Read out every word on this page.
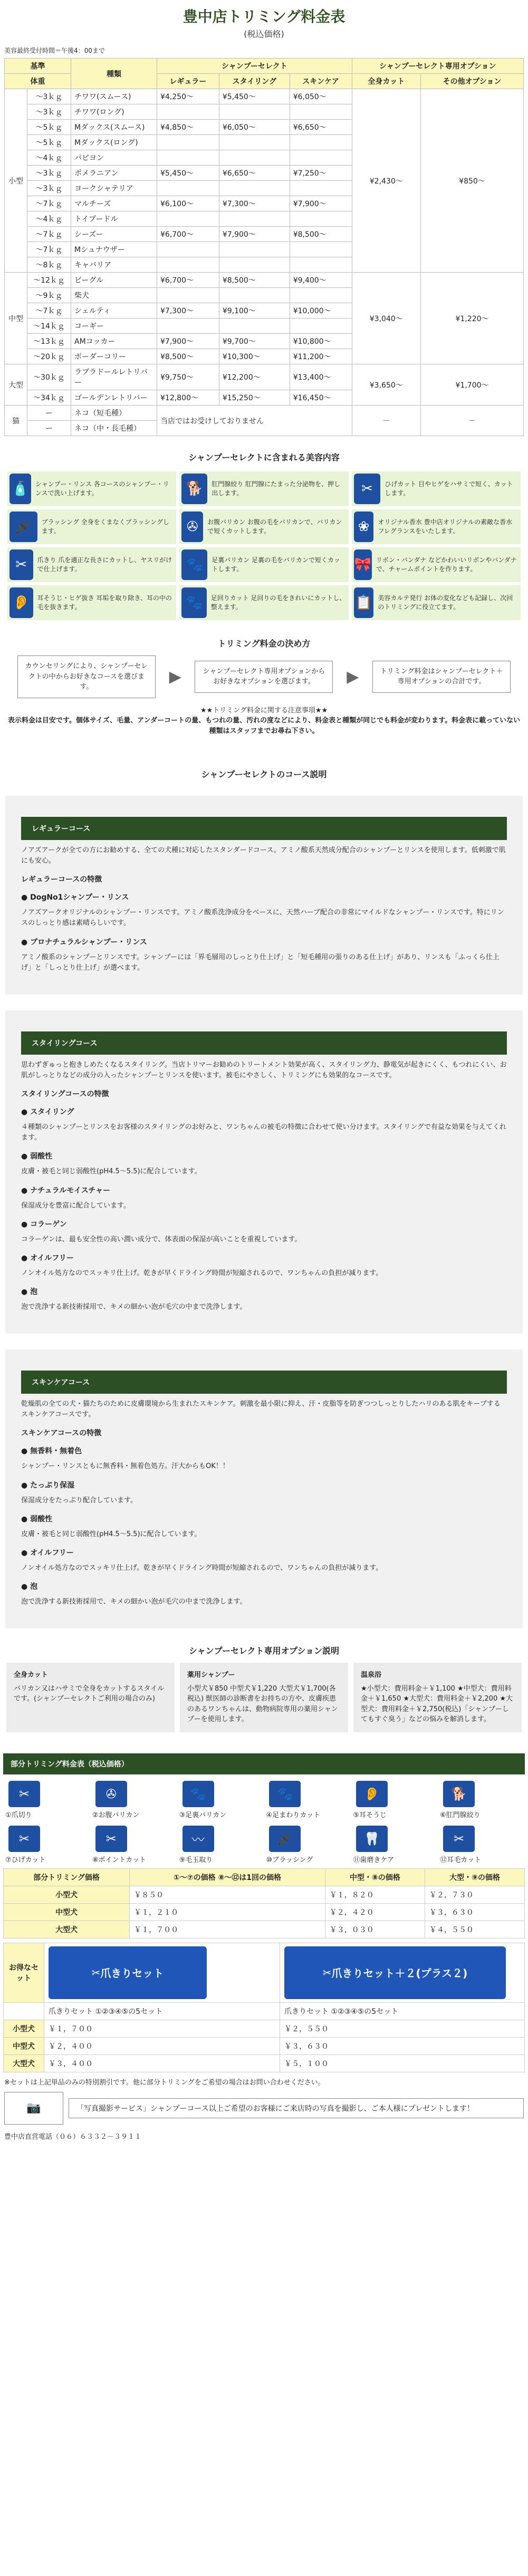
豊中店トリミング料金表
(税込価格)
美容最終受付時間＝午後4：00まで
基準		種類	シャンプーセレクト			シャンプーセレクト専用オプション	
体重			レギュラー	スタイリング	スキンケア	全身カット	その他オプション
小型	～3ｋｇ	チワワ(スムース)	¥4,250～	¥5,450～	¥6,050～	¥2,430～	¥850～
	～3ｋｇ	チワワ(ロング)					
	～5ｋｇ	Mダックス(スムース)	¥4,850～	¥6,050～	¥6,650～		
	～5ｋｇ	Mダックス(ロング)					
	～4ｋｇ	パピヨン					
	～3ｋｇ	ポメラニアン	¥5,450～	¥6,650～	¥7,250～		
	～3ｋｇ	ヨークシャテリア					
	～7ｋｇ	マルチーズ	¥6,100～	¥7,300～	¥7,900～		
	～4ｋｇ	トイプードル					
	～7ｋｇ	シーズー	¥6,700～	¥7,900～	¥8,500～		
	～7ｋｇ	Mシュナウザー					
	～8ｋｇ	キャバリア					
中型	～12ｋｇ	ビーグル	¥6,700～	¥8,500～	¥9,400～	¥3,040～	¥1,220～
	～9ｋｇ	柴犬					
	～7ｋｇ	シェルティ	¥7,300～	¥9,100～	¥10,000～		
	～14ｋｇ	コーギー					
	～13ｋｇ	AMコッカー	¥7,900～	¥9,700～	¥10,800～		
	～20ｋｇ	ボーダーコリー	¥8,500～	¥10,300～	¥11,200～		
大型	～30ｋｇ	ラブラドールレトリバー	¥9,750～	¥12,200～	¥13,400～	¥3,650～	¥1,700～
	～34ｋｇ	ゴールデンレトリバー	¥12,800～	¥15,250～	¥16,450～		
猫	ー	ネコ（短毛種）	当店ではお受けしておりません			－	－
	ー	ネコ（中・長毛種）					
シャンプーセレクトに含まれる美容内容
🧴	シャンプー・リンス 各コースのシャンプー・リンスで洗い上げます。	🐕	肛門腺絞り 肛門腺にたまった分泌物を、押し出します。	✂	ひげカット 目やヒゲをハサミで短く、カットします。
🪮	ブラッシング 全身をくまなくブラッシングします。	✇	お腹バリカン お腹の毛をバリカンで、バリカンで短くカットします。	❀	オリジナル香水 豊中店オリジナルの素敵な香水フレグランスをいたします。
✂	爪きり 爪を適正な長さにカットし、ヤスリがけで仕上げます。	🐾	足裏バリカン 足裏の毛をバリカンで短くカットします。	🎀 リボン・バンダナ などかわいいリボンやバンダナで、チャームポイントを作ります。
👂	耳そうじ・ヒゲ抜き 耳垢を取り除き、耳の中の毛を抜きます。	🐾	足回りカット 足回りの毛をきれいにカットし、整えます。	📋 美容カルテ発行 お体の変化なども記録し、次回のトリミングに役立てます。
トリミング料金の決め方
カウンセリングにより、シャンプーセレクトの中からお好きなコースを選びます。
▶	シャンプーセレクト専用オプションからお好きなオプションを選びます。	▶	トリミング料金はシャンプーセレクト＋専用オプションの合計です。
★★トリミング料金に関する注意事項★★
表示料金は目安です。個体サイズ、毛量、アンダーコートの量、もつれの量、汚れの度などにより、料金表と種類が同じでも料金が変わります。料金表に載っていない種類はスタッフまでお尋ね下さい。
シャンプーセレクトのコース説明
レギュラーコース

ノアズアークが全ての方にお勧めする、全ての犬種に対応したスタンダードコース。アミノ酸系天然成分配合のシャンプーとリンスを使用します。低刺激で肌にも安心。

レギュラーコースの特徴
● DogNo1シャンプー・リンス

ノアズアークオリジナルのシャンプー・リンスです。アミノ酸系洗浄成分をベースに、天然ハーブ配合の非常にマイルドなシャンプー・リンスです。特にリンスのしっとり感は素晴らしいです。

● プロナチュラルシャンプー・リンス

アミノ酸系のシャンプーとリンスです。シャンプーには「界毛層用のしっとり仕上げ」と「短毛種用の張りのある仕上げ」があり、リンスも「ふっくら仕上げ」と「しっとり仕上げ」が選べます。

スタイリングコース

思わずぎゅっと抱きしめたくなるスタイリング。当店トリマーお勧めのトリートメント効果が高く、スタイリング力、静電気が起きにくく、もつれにくい、お肌がしっとりなどの成分の入ったシャンプーとリンスを使います。被毛にやさしく、トリミングにも効果的なコースです。

スタイリングコースの特徴
● スタイリング

４種類のシャンプーとリンスをお客様のスタイリングのお好みと、ワンちゃんの被毛の特徴に合わせて使い分けます。スタイリングで有益な効果を与えてくれます。

● 弱酸性

皮膚・被毛と同じ弱酸性(pH4.5〜5.5)に配合しています。

● ナチュラルモイスチャー

保湿成分を豊富に配合しています。

● コラーゲン

コラーゲンは、最も安全性の高い潤い成分で、体表面の保湿が高いことを重視しています。

● オイルフリー

ノンオイル処方なのでスッキリ仕上げ。乾きが早くドライング時間が短縮されるので、ワンちゃんの負担が減ります。

● 泡

泡で洗浄する新技術採用で、キメの細かい泡が毛穴の中まで洗浄します。

スキンケアコース

乾燥肌の全ての犬・猫たちのために皮膚環境から生まれたスキンケア。刺激を最小限に抑え、汗・皮脂等を防ぎつつしっとりしたハリのある肌をキープするスキンケアコースです。

スキンケアコースの特徴
● 無香料・無着色

シャンプー・リンスともに無香料・無着色処方。汗大からもOK！！

● たっぷり保湿

保湿成分をたっぷり配合しています。

● 弱酸性

皮膚・被毛と同じ弱酸性(pH4.5〜5.5)に配合しています。

● オイルフリー

ノンオイル処方なのでスッキリ仕上げ。乾きが早くドライング時間が短縮されるので、ワンちゃんの負担が減ります。

● 泡

泡で洗浄する新技術採用で、キメの細かい泡が毛穴の中まで洗浄します。

シャンプーセレクト専用オプション説明
全身カット
バリカン又はハサミで全身をカットするスタイルです。(シャンプーセレクトご利用の場合のみ)
薬用シャンプー
小型犬￥850 中型犬￥1,220 大型犬￥1,700(各税込) 獣医師の診断書をお持ちの方や、皮膚疾患のあるワンちゃんは、動物病院専用の薬用シャンプーを使用します。
温泉浴
★小型犬：費用料金＋￥1,100 ★中型犬：費用料金＋￥1,650 ★大型犬：費用料金＋￥2,200 ★大型犬：費用料金＋￥2,750(税込)「シャンプーしてもすぐ臭う」などの悩みを解消します。
部分トリミング料金表（税込価格）
✂
①爪切り
✇
②お腹バリカン
🐾
③足裏バリカン
🐾
④足まわりカット
👂
⑤耳そうじ
🐕
⑥肛門腺絞り
✂
⑦ひげカット
✂
⑧ポイントカット
〰
⑨毛玉取り
🪮
⑩ブラッシング
🦷
⑪歯磨きケア
✂
⑫耳毛カット
部分トリミング価格	①〜⑦の価格 ⑧〜⑫は1回の価格	中型・⑧の価格	大型・⑨の価格
小型犬	￥８５０	￥１，８２０	￥２，７３０
中型犬	￥１，２１０	￥２，４２０	￥３，６３０
大型犬	￥１，７００	￥３，０３０	￥４，５５０
お得なセット	✂ 爪きりセット	✂ 爪きりセット＋２(プラス２)

	爪きりセット ①②③④⑤の5セット	爪きりセット ①②③④⑤の5セット
小型犬	￥１，７００	￥２，５５０
中型犬	￥２，４００	￥３，６３０
大型犬	￥３，４００	￥５，１００
※セットは上記単品のみの特別割引です。他に部分トリミングをご希望の場合はお問い合わせください。
📷	「写真撮影サービス」シャンプーコース以上ご希望のお客様にご来店時の写真を撮影し、ご本人様にプレゼントします！
豊中店直営電話（０６）６３３２－３９１１
